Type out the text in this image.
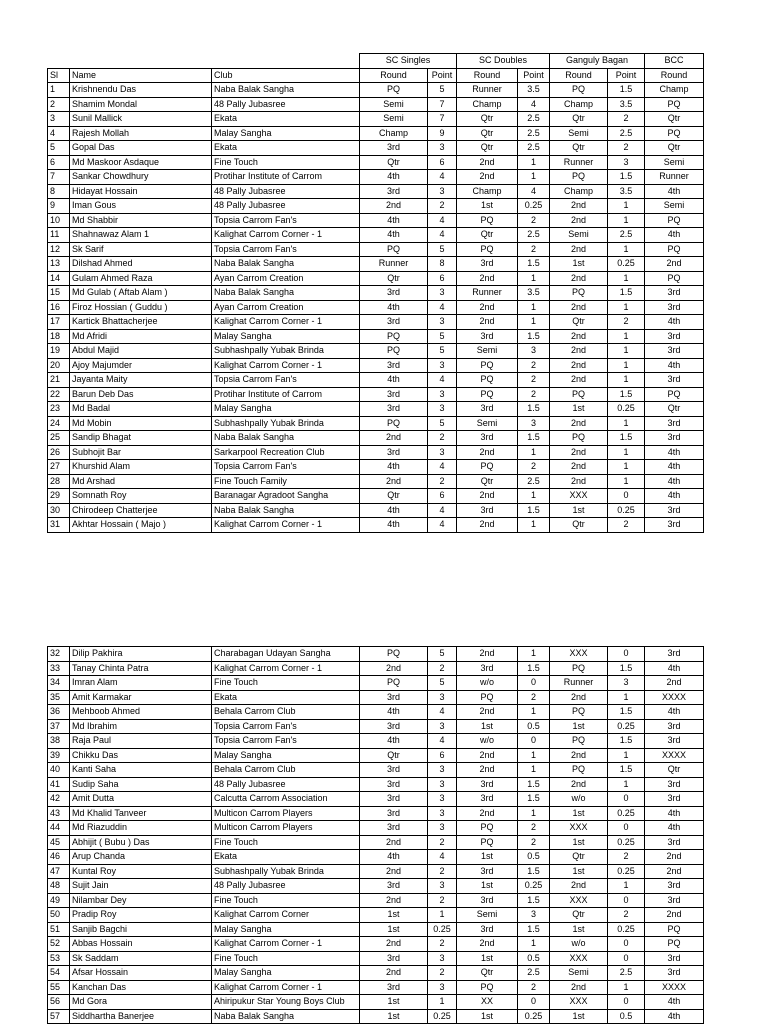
			SC Singles		SC Doubles		Ganguly Bagan		BCC
Sl	Name	Club	Round	Point	Round	Point	Round	Point	Round
1	Krishnendu Das	Naba Balak Sangha	PQ	5	Runner	3.5	PQ	1.5	Champ
2	Shamim Mondal	48 Pally Jubasree	Semi	7	Champ	4	Champ	3.5	PQ
3	Sunil Mallick	Ekata	Semi	7	Qtr	2.5	Qtr	2	Qtr
4	Rajesh Mollah	Malay Sangha	Champ	9	Qtr	2.5	Semi	2.5	PQ
5	Gopal Das	Ekata	3rd	3	Qtr	2.5	Qtr	2	Qtr
6	Md Maskoor Asdaque	Fine Touch	Qtr	6	2nd	1	Runner	3	Semi
7	Sankar Chowdhury	Protihar Institute of Carrom	4th	4	2nd	1	PQ	1.5	Runner
8	Hidayat Hossain	48 Pally Jubasree	3rd	3	Champ	4	Champ	3.5	4th
9	Iman Gous	48 Pally Jubasree	2nd	2	1st	0.25	2nd	1	Semi
10	Md Shabbir	Topsia Carrom Fan's	4th	4	PQ	2	2nd	1	PQ
11	Shahnawaz Alam 1	Kalighat Carrom Corner - 1	4th	4	Qtr	2.5	Semi	2.5	4th
12	Sk Sarif	Topsia Carrom Fan's	PQ	5	PQ	2	2nd	1	PQ
13	Dilshad Ahmed	Naba Balak Sangha	Runner	8	3rd	1.5	1st	0.25	2nd
14	Gulam Ahmed Raza	Ayan Carrom Creation	Qtr	6	2nd	1	2nd	1	PQ
15	Md Gulab ( Aftab Alam )	Naba Balak Sangha	3rd	3	Runner	3.5	PQ	1.5	3rd
16	Firoz Hossian ( Guddu )	Ayan Carrom Creation	4th	4	2nd	1	2nd	1	3rd
17	Kartick Bhattacherjee	Kalighat Carrom Corner - 1	3rd	3	2nd	1	Qtr	2	4th
18	Md Afridi	Malay Sangha	PQ	5	3rd	1.5	2nd	1	3rd
19	Abdul Majid	Subhashpally Yubak Brinda	PQ	5	Semi	3	2nd	1	3rd
20	Ajoy Majumder	Kalighat Carrom Corner - 1	3rd	3	PQ	2	2nd	1	4th
21	Jayanta Maity	Topsia Carrom Fan's	4th	4	PQ	2	2nd	1	3rd
22	Barun Deb Das	Protihar Institute of Carrom	3rd	3	PQ	2	PQ	1.5	PQ
23	Md Badal	Malay Sangha	3rd	3	3rd	1.5	1st	0.25	Qtr
24	Md Mobin	Subhashpally Yubak Brinda	PQ	5	Semi	3	2nd	1	3rd
25	Sandip Bhagat	Naba Balak Sangha	2nd	2	3rd	1.5	PQ	1.5	3rd
26	Subhojit Bar	Sarkarpool Recreation Club	3rd	3	2nd	1	2nd	1	4th
27	Khurshid Alam	Topsia Carrom Fan's	4th	4	PQ	2	2nd	1	4th
28	Md Arshad	Fine Touch Family	2nd	2	Qtr	2.5	2nd	1	4th
29	Somnath Roy	Baranagar Agradoot Sangha	Qtr	6	2nd	1	XXX	0	4th
30	Chirodeep Chatterjee	Naba Balak Sangha	4th	4	3rd	1.5	1st	0.25	3rd
31	Akhtar Hossain ( Majo )	Kalighat Carrom Corner - 1	4th	4	2nd	1	Qtr	2	3rd
32	Dilip Pakhira	Charabagan Udayan Sangha	PQ	5	2nd	1	XXX	0	3rd
33	Tanay Chinta Patra	Kalighat Carrom Corner - 1	2nd	2	3rd	1.5	PQ	1.5	4th
34	Imran Alam	Fine Touch	PQ	5	w/o	0	Runner	3	2nd
35	Amit Karmakar	Ekata	3rd	3	PQ	2	2nd	1	XXXX
36	Mehboob Ahmed	Behala Carrom Club	4th	4	2nd	1	PQ	1.5	4th
37	Md Ibrahim	Topsia Carrom Fan's	3rd	3	1st	0.5	1st	0.25	3rd
38	Raja Paul	Topsia Carrom Fan's	4th	4	w/o	0	PQ	1.5	3rd
39	Chikku Das	Malay Sangha	Qtr	6	2nd	1	2nd	1	XXXX
40	Kanti Saha	Behala Carrom Club	3rd	3	2nd	1	PQ	1.5	Qtr
41	Sudip Saha	48 Pally Jubasree	3rd	3	3rd	1.5	2nd	1	3rd
42	Amit Dutta	Calcutta Carrom Association	3rd	3	3rd	1.5	w/o	0	3rd
43	Md Khalid Tanveer	Multicon Carrom Players	3rd	3	2nd	1	1st	0.25	4th
44	Md Riazuddin	Multicon Carrom Players	3rd	3	PQ	2	XXX	0	4th
45	Abhijit ( Bubu ) Das	Fine Touch	2nd	2	PQ	2	1st	0.25	3rd
46	Arup Chanda	Ekata	4th	4	1st	0.5	Qtr	2	2nd
47	Kuntal Roy	Subhashpally Yubak Brinda	2nd	2	3rd	1.5	1st	0.25	2nd
48	Sujit Jain	48 Pally Jubasree	3rd	3	1st	0.25	2nd	1	3rd
49	Nilambar Dey	Fine Touch	2nd	2	3rd	1.5	XXX	0	3rd
50	Pradip Roy	Kalighat Carrom Corner	1st	1	Semi	3	Qtr	2	2nd
51	Sanjib Bagchi	Malay Sangha	1st	0.25	3rd	1.5	1st	0.25	PQ
52	Abbas Hossain	Kalighat Carrom Corner - 1	2nd	2	2nd	1	w/o	0	PQ
53	Sk Saddam	Fine Touch	3rd	3	1st	0.5	XXX	0	3rd
54	Afsar Hossain	Malay Sangha	2nd	2	Qtr	2.5	Semi	2.5	3rd
55	Kanchan Das	Kalighat Carrom Corner - 1	3rd	3	PQ	2	2nd	1	XXXX
56	Md Gora	Ahiripukur Star Young Boys Club	1st	1	XX	0	XXX	0	4th
57	Siddhartha Banerjee	Naba Balak Sangha	1st	0.25	1st	0.25	1st	0.5	4th
